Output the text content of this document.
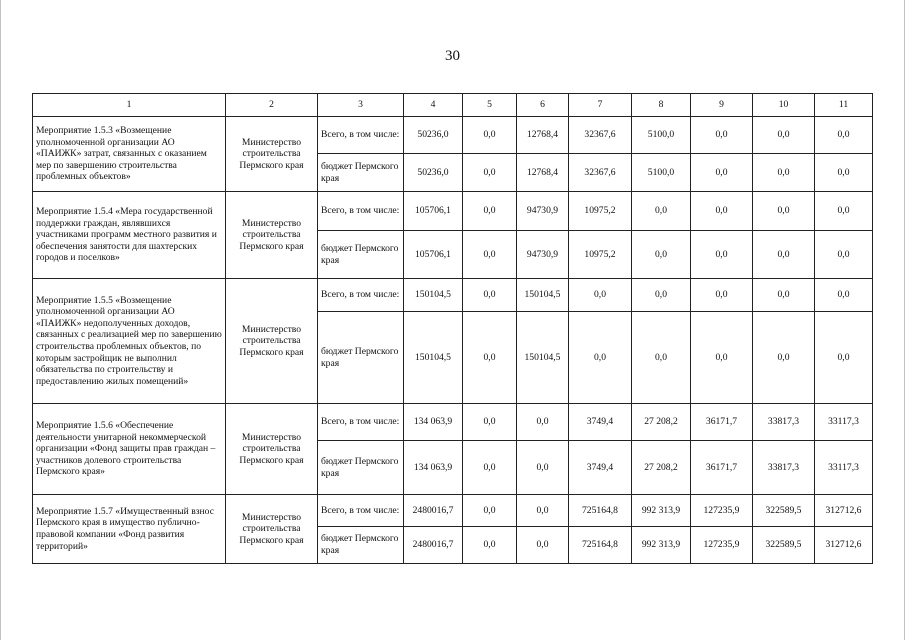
30
1	2	3	4	5	6	7	8	9	10	11
Мероприятие 1.5.3 «Возмещение уполномоченной организации АО «ПАИЖК» затрат, связанных с оказанием мер по завершению строительства проблемных объектов»	Министерство строительства Пермского края	Всего, в том числе:	50236,0	0,0	12768,4	32367,6	5100,0	0,0	0,0	0,0
		бюджет Пермского края	50236,0	0,0	12768,4	32367,6	5100,0	0,0	0,0	0,0
Мероприятие 1.5.4 «Мера государственной поддержки граждан, являвшихся участниками программ местного развития и обеспечения занятости для шахтерских городов и поселков»	Министерство строительства Пермского края	Всего, в том числе:	105706,1	0,0	94730,9	10975,2	0,0	0,0	0,0	0,0
		бюджет Пермского края	105706,1	0,0	94730,9	10975,2	0,0	0,0	0,0	0,0
Мероприятие 1.5.5 «Возмещение уполномоченной организации АО «ПАИЖК» недополученных доходов, связанных с реализацией мер по завершению строительства проблемных объектов, по которым застройщик не выполнил обязательства по строительству и предоставлению жилых помещений»	Министерство строительства Пермского края	Всего, в том числе:	150104,5	0,0	150104,5	0,0	0,0	0,0	0,0	0,0
		бюджет Пермского края	150104,5	0,0	150104,5	0,0	0,0	0,0	0,0	0,0
Мероприятие 1.5.6 «Обеспечение деятельности унитарной некоммерческой организации «Фонд защиты прав граждан – участников долевого строительства Пермского края»	Министерство строительства Пермского края	Всего, в том числе:	134 063,9	0,0	0,0	3749,4	27 208,2	36171,7	33817,3	33117,3
		бюджет Пермского края	134 063,9	0,0	0,0	3749,4	27 208,2	36171,7	33817,3	33117,3
Мероприятие 1.5.7 «Имущественный взнос Пермского края в имущество публично-правовой компании «Фонд развития территорий»	Министерство строительства Пермского края	Всего, в том числе:	2480016,7	0,0	0,0	725164,8	992 313,9	127235,9	322589,5	312712,6
		бюджет Пермского края	2480016,7	0,0	0,0	725164,8	992 313,9	127235,9	322589,5	312712,6
